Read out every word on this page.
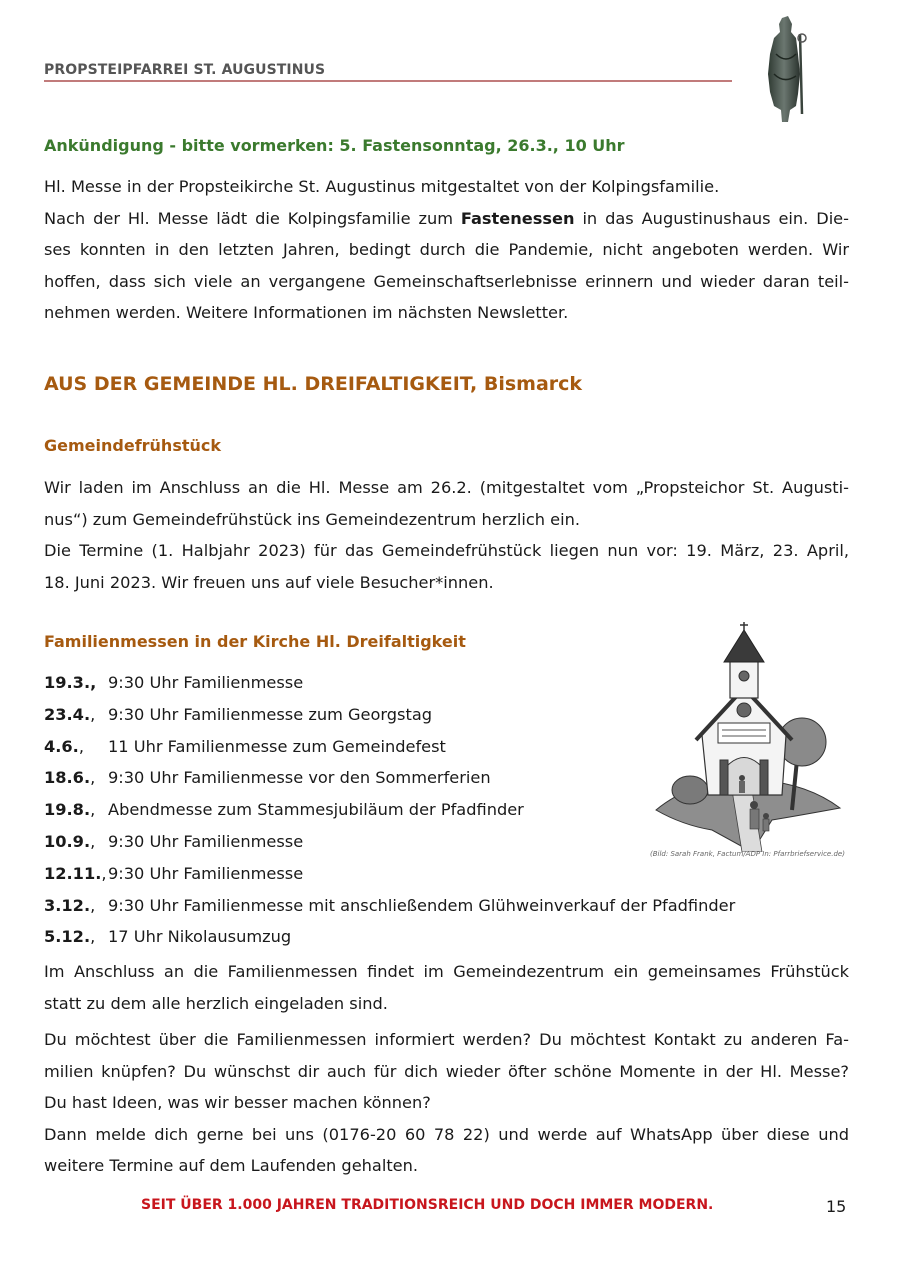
PROPSTEIPFARREI ST. AUGUSTINUS
Ankündigung - bitte vormerken: 5. Fastensonntag, 26.3., 10 Uhr
Hl. Messe in der Propsteikirche St. Augustinus mitgestaltet von der Kolpingsfamilie.
Nach der Hl. Messe lädt die Kolpingsfamilie zum Fastenessen in das Augustinushaus ein. Die-
ses konnten in den letzten Jahren, bedingt durch die Pandemie, nicht angeboten werden. Wir
hoffen, dass sich viele an vergangene Gemeinschaftserlebnisse erinnern und wieder daran teil-
nehmen werden. Weitere Informationen im nächsten Newsletter.
AUS DER GEMEINDE HL. DREIFALTIGKEIT, Bismarck
Gemeindefrühstück
Wir laden im Anschluss an die Hl. Messe am 26.2. (mitgestaltet vom „Propsteichor St. Augusti-
nus“) zum Gemeindefrühstück ins Gemeindezentrum herzlich ein.
Die Termine (1. Halbjahr 2023) für das Gemeindefrühstück liegen nun vor: 19. März, 23. April,
18. Juni 2023. Wir freuen uns auf viele Besucher*innen.
Familienmessen in der Kirche Hl. Dreifaltigkeit
19.3., 9:30 Uhr Familienmesse
23.4., 9:30 Uhr Familienmesse zum Georgstag
4.6., 11 Uhr Familienmesse zum Gemeindefest
18.6., 9:30 Uhr Familienmesse vor den Sommerferien
19.8., Abendmesse zum Stammesjubiläum der Pfadfinder
10.9., 9:30 Uhr Familienmesse
12.11.,9:30 Uhr Familienmesse
3.12., 9:30 Uhr Familienmesse mit anschließendem Glühweinverkauf der Pfadfinder
5.12., 17 Uhr Nikolausumzug
(Bild: Sarah Frank, Factum/ADP In: Pfarrbriefservice.de)
Im Anschluss an die Familienmessen findet im Gemeindezentrum ein gemeinsames Frühstück
statt zu dem alle herzlich eingeladen sind.
Du möchtest über die Familienmessen informiert werden? Du möchtest Kontakt zu anderen Fa-
milien knüpfen? Du wünschst dir auch für dich wieder öfter schöne Momente in der Hl. Messe?
Du hast Ideen, was wir besser machen können?
Dann melde dich gerne bei uns (0176-20 60 78 22) und werde auf WhatsApp über diese und
weitere Termine auf dem Laufenden gehalten.
SEIT ÜBER 1.000 JAHREN TRADITIONSREICH UND DOCH IMMER MODERN.	15
